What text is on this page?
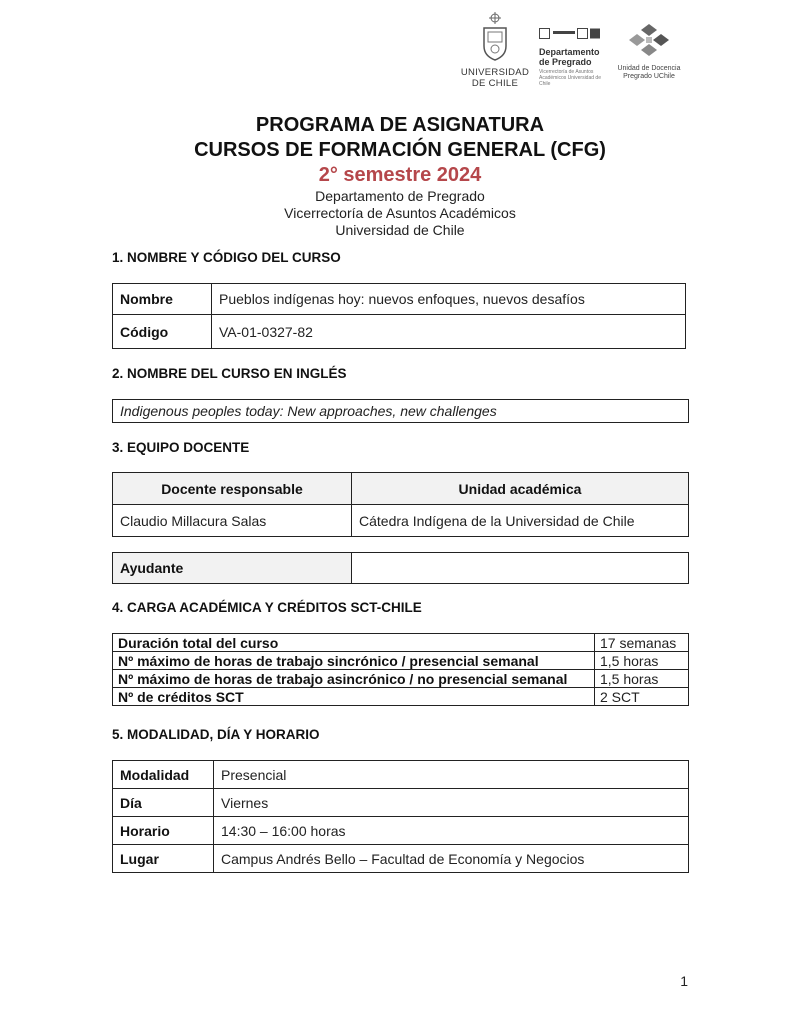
UNIVERSIDAD
DE CHILE
Departamento
de Pregrado
Vicerrectoría de Asuntos Académicos Universidad de Chile
Unidad de Docencia
Pregrado UChile
PROGRAMA DE ASIGNATURA
CURSOS DE FORMACIÓN GENERAL (CFG)
2° semestre 2024
Departamento de Pregrado
Vicerrectoría de Asuntos Académicos
Universidad de Chile
1. NOMBRE Y CÓDIGO DEL CURSO
Nombre	Pueblos indígenas hoy: nuevos enfoques, nuevos desafíos
Código	VA-01-0327-82
2. NOMBRE DEL CURSO EN INGLÉS
Indigenous peoples today: New approaches, new challenges
3. EQUIPO DOCENTE
Docente responsable	Unidad académica
Claudio Millacura Salas	Cátedra Indígena de la Universidad de Chile
Ayudante	
4. CARGA ACADÉMICA Y CRÉDITOS SCT-CHILE
Duración total del curso	17 semanas
Nº máximo de horas de trabajo sincrónico / presencial semanal	1,5 horas
Nº máximo de horas de trabajo asincrónico / no presencial semanal	1,5 horas
Nº de créditos SCT	2 SCT
5. MODALIDAD, DÍA Y HORARIO
Modalidad	Presencial
Día	Viernes
Horario	14:30 – 16:00 horas
Lugar	Campus Andrés Bello – Facultad de Economía y Negocios
1
